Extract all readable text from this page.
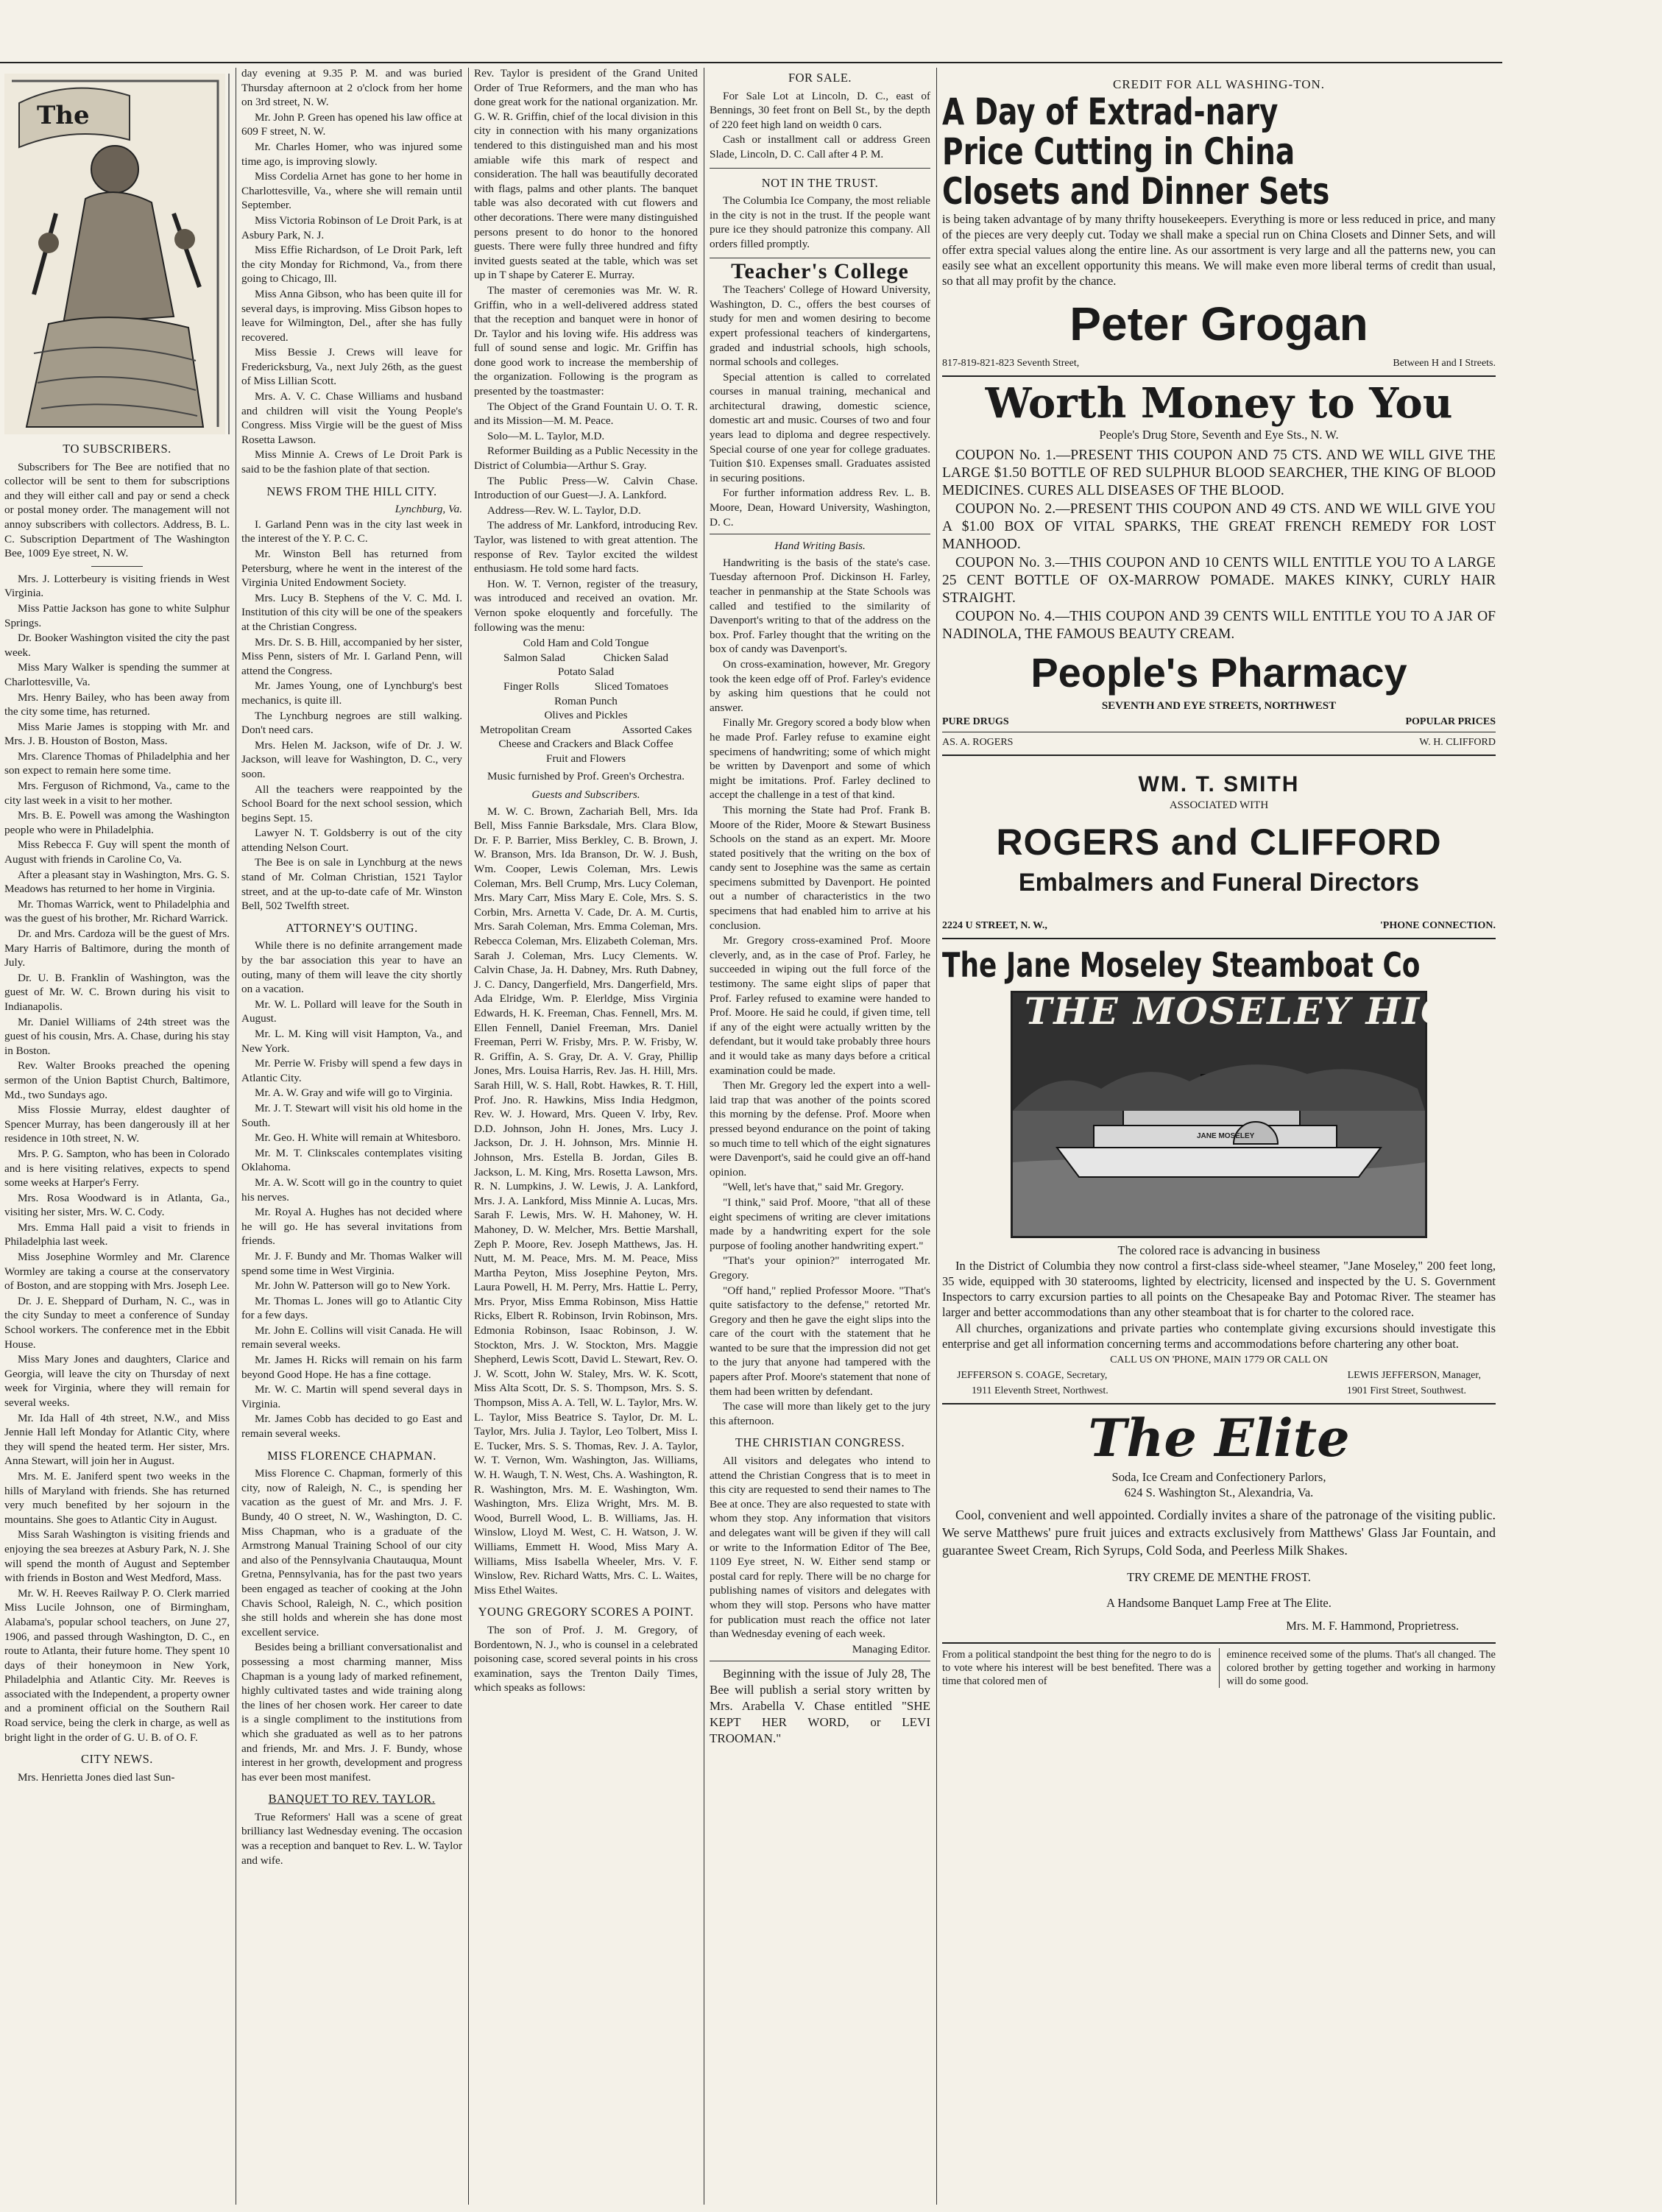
The
TO SUBSCRIBERS.

Subscribers for The Bee are notified that no collector will be sent to them for subscriptions and they will either call and pay or send a check or postal money order. The management will not annoy subscribers with collectors. Address, B. L. C. Subscription Department of The Washington Bee, 1009 Eye street, N. W.

Mrs. J. Lotterbeury is visiting friends in West Virginia.

Miss Pattie Jackson has gone to white Sulphur Springs.

Dr. Booker Washington visited the city the past week.

Miss Mary Walker is spending the summer at Charlottesville, Va.

Mrs. Henry Bailey, who has been away from the city some time, has returned.

Miss Marie James is stopping with Mr. and Mrs. J. B. Houston of Boston, Mass.

Mrs. Clarence Thomas of Philadelphia and her son expect to remain here some time.

Mrs. Ferguson of Richmond, Va., came to the city last week in a visit to her mother.

Mrs. B. E. Powell was among the Washington people who were in Philadelphia.

Miss Rebecca F. Guy will spent the month of August with friends in Caroline Co, Va.

After a pleasant stay in Washington, Mrs. G. S. Meadows has returned to her home in Virginia.

Mr. Thomas Warrick, went to Philadelphia and was the guest of his brother, Mr. Richard Warrick.

Dr. and Mrs. Cardoza will be the guest of Mrs. Mary Harris of Baltimore, during the month of July.

Dr. U. B. Franklin of Washington, was the guest of Mr. W. C. Brown during his visit to Indianapolis.

Mr. Daniel Williams of 24th street was the guest of his cousin, Mrs. A. Chase, during his stay in Boston.

Rev. Walter Brooks preached the opening sermon of the Union Baptist Church, Baltimore, Md., two Sundays ago.

Miss Flossie Murray, eldest daughter of Spencer Murray, has been dangerously ill at her residence in 10th street, N. W.

Mrs. P. G. Sampton, who has been in Colorado and is here visiting relatives, expects to spend some weeks at Harper's Ferry.

Mrs. Rosa Woodward is in Atlanta, Ga., visiting her sister, Mrs. W. C. Cody.

Mrs. Emma Hall paid a visit to friends in Philadelphia last week.

Miss Josephine Wormley and Mr. Clarence Wormley are taking a course at the conservatory of Boston, and are stopping with Mrs. Joseph Lee.

Dr. J. E. Sheppard of Durham, N. C., was in the city Sunday to meet a conference of Sunday School workers. The conference met in the Ebbit House.

Miss Mary Jones and daughters, Clarice and Georgia, will leave the city on Thursday of next week for Virginia, where they will remain for several weeks.

Mr. Ida Hall of 4th street, N.W., and Miss Jennie Hall left Monday for Atlantic City, where they will spend the heated term. Her sister, Mrs. Anna Stewart, will join her in August.

Mrs. M. E. Janiferd spent two weeks in the hills of Maryland with friends. She has returned very much benefited by her sojourn in the mountains. She goes to Atlantic City in August.

Miss Sarah Washington is visiting friends and enjoying the sea breezes at Asbury Park, N. J. She will spend the month of August and September with friends in Boston and West Medford, Mass.

Mr. W. H. Reeves Railway P. O. Clerk married Miss Lucile Johnson, one of Birmingham, Alabama's, popular school teachers, on June 27, 1906, and passed through Washington, D. C., en route to Atlanta, their future home. They spent 10 days of their honeymoon in New York, Philadelphia and Atlantic City. Mr. Reeves is associated with the Independent, a property owner and a prominent official on the Southern Rail Road service, being the clerk in charge, as well as bright light in the order of G. U. B. of O. F.

CITY NEWS.

Mrs. Henrietta Jones died last Sun-

day evening at 9.35 P. M. and was buried Thursday afternoon at 2 o'clock from her home on 3rd street, N. W.

Mr. John P. Green has opened his law office at 609 F street, N. W.

Mr. Charles Homer, who was injured some time ago, is improving slowly.

Miss Cordelia Arnet has gone to her home in Charlottesville, Va., where she will remain until September.

Miss Victoria Robinson of Le Droit Park, is at Asbury Park, N. J.

Miss Effie Richardson, of Le Droit Park, left the city Monday for Richmond, Va., from there going to Chicago, Ill.

Miss Anna Gibson, who has been quite ill for several days, is improving. Miss Gibson hopes to leave for Wilmington, Del., after she has fully recovered.

Miss Bessie J. Crews will leave for Fredericksburg, Va., next July 26th, as the guest of Miss Lillian Scott.

Mrs. A. V. C. Chase Williams and husband and children will visit the Young People's Congress. Miss Virgie will be the guest of Miss Rosetta Lawson.

Miss Minnie A. Crews of Le Droit Park is said to be the fashion plate of that section.

NEWS FROM THE HILL CITY.

Lynchburg, Va.

I. Garland Penn was in the city last week in the interest of the Y. P. C. C.

Mr. Winston Bell has returned from Petersburg, where he went in the interest of the Virginia United Endowment Society.

Mrs. Lucy B. Stephens of the V. C. Md. I. Institution of this city will be one of the speakers at the Christian Congress.

Mrs. Dr. S. B. Hill, accompanied by her sister, Miss Penn, sisters of Mr. I. Garland Penn, will attend the Congress.

Mr. James Young, one of Lynchburg's best mechanics, is quite ill.

The Lynchburg negroes are still walking. Don't need cars.

Mrs. Helen M. Jackson, wife of Dr. J. W. Jackson, will leave for Washington, D. C., very soon.

All the teachers were reappointed by the School Board for the next school session, which begins Sept. 15.

Lawyer N. T. Goldsberry is out of the city attending Nelson Court.

The Bee is on sale in Lynchburg at the news stand of Mr. Colman Christian, 1521 Taylor street, and at the up-to-date cafe of Mr. Winston Bell, 502 Twelfth street.

ATTORNEY'S OUTING.

While there is no definite arrangement made by the bar association this year to have an outing, many of them will leave the city shortly on a vacation.

Mr. W. L. Pollard will leave for the South in August.

Mr. L. M. King will visit Hampton, Va., and New York.

Mr. Perrie W. Frisby will spend a few days in Atlantic City.

Mr. A. W. Gray and wife will go to Virginia.

Mr. J. T. Stewart will visit his old home in the South.

Mr. Geo. H. White will remain at Whitesboro.

Mr. M. T. Clinkscales contemplates visiting Oklahoma.

Mr. A. W. Scott will go in the country to quiet his nerves.

Mr. Royal A. Hughes has not decided where he will go. He has several invitations from friends.

Mr. J. F. Bundy and Mr. Thomas Walker will spend some time in West Virginia.

Mr. John W. Patterson will go to New York.

Mr. Thomas L. Jones will go to Atlantic City for a few days.

Mr. John E. Collins will visit Canada. He will remain several weeks.

Mr. James H. Ricks will remain on his farm beyond Good Hope. He has a fine cottage.

Mr. W. C. Martin will spend several days in Virginia.

Mr. James Cobb has decided to go East and remain several weeks.

MISS FLORENCE CHAPMAN.

Miss Florence C. Chapman, formerly of this city, now of Raleigh, N. C., is spending her vacation as the guest of Mr. and Mrs. J. F. Bundy, 40 O street, N. W., Washington, D. C. Miss Chapman, who is a graduate of the Armstrong Manual Training School of our city and also of the Pennsylvania Chautauqua, Mount Gretna, Pennsylvania, has for the past two years been engaged as teacher of cooking at the John Chavis School, Raleigh, N. C., which position she still holds and wherein she has done most excellent service.

Besides being a brilliant conversationalist and possessing a most charming manner, Miss Chapman is a young lady of marked refinement, highly cultivated tastes and wide training along the lines of her chosen work. Her career to date is a single compliment to the institutions from which she graduated as well as to her patrons and friends, Mr. and Mrs. J. F. Bundy, whose interest in her growth, development and progress has ever been most manifest.

BANQUET TO REV. TAYLOR.

True Reformers' Hall was a scene of great brilliancy last Wednesday evening. The occasion was a reception and banquet to Rev. L. W. Taylor and wife.

Rev. Taylor is president of the Grand United Order of True Reformers, and the man who has done great work for the national organization. Mr. G. W. R. Griffin, chief of the local division in this city in connection with his many organizations tendered to this distinguished man and his most amiable wife this mark of respect and consideration. The hall was beautifully decorated with flags, palms and other plants. The banquet table was also decorated with cut flowers and other decorations. There were many distinguished persons present to do honor to the honored guests. There were fully three hundred and fifty invited guests seated at the table, which was set up in T shape by Caterer E. Murray.

The master of ceremonies was Mr. W. R. Griffin, who in a well-delivered address stated that the reception and banquet were in honor of Dr. Taylor and his loving wife. His address was full of sound sense and logic. Mr. Griffin has done good work to increase the membership of the organization. Following is the program as presented by the toastmaster:

The Object of the Grand Fountain U. O. T. R. and its Mission—M. M. Peace.

Solo—M. L. Taylor, M.D.

Reformer Building as a Public Necessity in the District of Columbia—Arthur S. Gray.

The Public Press—W. Calvin Chase. Introduction of our Guest—J. A. Lankford.

Address—Rev. W. L. Taylor, D.D.

The address of Mr. Lankford, introducing Rev. Taylor, was listened to with great attention. The response of Rev. Taylor excited the wildest enthusiasm. He told some hard facts.

Hon. W. T. Vernon, register of the treasury, was introduced and received an ovation. Mr. Vernon spoke eloquently and forcefully. The following was the menu:

Cold Ham and Cold Tongue
Salmon Salad	Chicken Salad
Potato Salad
Finger Rolls	Sliced Tomatoes
Roman Punch
Olives and Pickles
Metropolitan Cream	Assorted Cakes
Cheese and Crackers and Black Coffee
Fruit and Flowers

Music furnished by Prof. Green's Orchestra.

Guests and Subscribers.

M. W. C. Brown, Zachariah Bell, Mrs. Ida Bell, Miss Fannie Barksdale, Mrs. Clara Blow, Dr. F. P. Barrier, Miss Berkley, C. B. Brown, J. W. Branson, Mrs. Ida Branson, Dr. W. J. Bush, Wm. Cooper, Lewis Coleman, Mrs. Lewis Coleman, Mrs. Bell Crump, Mrs. Lucy Coleman, Mrs. Mary Carr, Miss Mary E. Cole, Mrs. S. S. Corbin, Mrs. Arnetta V. Cade, Dr. A. M. Curtis, Mrs. Sarah Coleman, Mrs. Emma Coleman, Mrs. Rebecca Coleman, Mrs. Elizabeth Coleman, Mrs. Sarah J. Coleman, Mrs. Lucy Clements. W. Calvin Chase, Ja. H. Dabney, Mrs. Ruth Dabney, J. C. Dancy, Dangerfield, Mrs. Dangerfield, Mrs. Ada Elridge, Wm. P. Elerldge, Miss Virginia Edwards, H. K. Freeman, Chas. Fennell, Mrs. M. Ellen Fennell, Daniel Freeman, Mrs. Daniel Freeman, Perri W. Frisby, Mrs. P. W. Frisby, W. R. Griffin, A. S. Gray, Dr. A. V. Gray, Phillip Jones, Mrs. Louisa Harris, Rev. Jas. H. Hill, Mrs. Sarah Hill, W. S. Hall, Robt. Hawkes, R. T. Hill, Prof. Jno. R. Hawkins, Miss India Hedgmon, Rev. W. J. Howard, Mrs. Queen V. Irby, Rev. D.D. Johnson, John H. Jones, Mrs. Lucy J. Jackson, Dr. J. H. Johnson, Mrs. Minnie H. Johnson, Mrs. Estella B. Jordan, Giles B. Jackson, L. M. King, Mrs. Rosetta Lawson, Mrs. R. N. Lumpkins, J. W. Lewis, J. A. Lankford, Mrs. J. A. Lankford, Miss Minnie A. Lucas, Mrs. Sarah F. Lewis, Mrs. W. H. Mahoney, W. H. Mahoney, D. W. Melcher, Mrs. Bettie Marshall, Zeph P. Moore, Rev. Joseph Matthews, Jas. H. Nutt, M. M. Peace, Mrs. M. M. Peace, Miss Martha Peyton, Miss Josephine Peyton, Mrs. Laura Powell, H. M. Perry, Mrs. Hattie L. Perry, Mrs. Pryor, Miss Emma Robinson, Miss Hattie Ricks, Elbert R. Robinson, Irvin Robinson, Mrs. Edmonia Robinson, Isaac Robinson, J. W. Stockton, Mrs. J. W. Stockton, Mrs. Maggie Shepherd, Lewis Scott, David L. Stewart, Rev. O. J. W. Scott, John W. Staley, Mrs. W. K. Scott, Miss Alta Scott, Dr. S. S. Thompson, Mrs. S. S. Thompson, Miss A. A. Tell, W. L. Taylor, Mrs. W. L. Taylor, Miss Beatrice S. Taylor, Dr. M. L. Taylor, Mrs. Julia J. Taylor, Leo Tolbert, Miss I. E. Tucker, Mrs. S. S. Thomas, Rev. J. A. Taylor, W. T. Vernon, Wm. Washington, Jas. Williams, W. H. Waugh, T. N. West, Chs. A. Washington, R. R. Washington, Mrs. M. E. Washington, Wm. Washington, Mrs. Eliza Wright, Mrs. M. B. Wood, Burrell Wood, L. B. Williams, Jas. H. Winslow, Lloyd M. West, C. H. Watson, J. W. Williams, Emmett H. Wood, Miss Mary A. Williams, Miss Isabella Wheeler, Mrs. V. F. Winslow, Rev. Richard Watts, Mrs. C. L. Waites, Miss Ethel Waites.

YOUNG GREGORY SCORES A POINT.

The son of Prof. J. M. Gregory, of Bordentown, N. J., who is counsel in a celebrated poisoning case, scored several points in his cross examination, says the Trenton Daily Times, which speaks as follows:

FOR SALE.

For Sale Lot at Lincoln, D. C., east of Bennings, 30 feet front on Bell St., by the depth of 220 feet high land on weidth 0 cars.

Cash or installment call or address Green Slade, Lincoln, D. C. Call after 4 P. M.

NOT IN THE TRUST.

The Columbia Ice Company, the most reliable in the city is not in the trust. If the people want pure ice they should patronize this company. All orders filled promptly.

Teacher's College

The Teachers' College of Howard University, Washington, D. C., offers the best courses of study for men and women desiring to become expert professional teachers of kindergartens, graded and industrial schools, high schools, normal schools and colleges.

Special attention is called to correlated courses in manual training, mechanical and architectural drawing, domestic science, domestic art and music. Courses of two and four years lead to diploma and degree respectively. Special course of one year for college graduates. Tuition $10. Expenses small. Graduates assisted in securing positions.

For further information address Rev. L. B. Moore, Dean, Howard University, Washington, D. C.

Hand Writing Basis.

Handwriting is the basis of the state's case. Tuesday afternoon Prof. Dickinson H. Farley, teacher in penmanship at the State Schools was called and testified to the similarity of Davenport's writing to that of the address on the box. Prof. Farley thought that the writing on the box of candy was Davenport's.

On cross-examination, however, Mr. Gregory took the keen edge off of Prof. Farley's evidence by asking him questions that he could not answer.

Finally Mr. Gregory scored a body blow when he made Prof. Farley refuse to examine eight specimens of handwriting; some of which might be written by Davenport and some of which might be imitations. Prof. Farley declined to accept the challenge in a test of that kind.

This morning the State had Prof. Frank B. Moore of the Rider, Moore & Stewart Business Schools on the stand as an expert. Mr. Moore stated positively that the writing on the box of candy sent to Josephine was the same as certain specimens submitted by Davenport. He pointed out a number of characteristics in the two specimens that had enabled him to arrive at his conclusion.

Mr. Gregory cross-examined Prof. Moore cleverly, and, as in the case of Prof. Farley, he succeeded in wiping out the full force of the testimony. The same eight slips of paper that Prof. Farley refused to examine were handed to Prof. Moore. He said he could, if given time, tell if any of the eight were actually written by the defendant, but it would take probably three hours and it would take as many days before a critical examination could be made.

Then Mr. Gregory led the expert into a well-laid trap that was another of the points scored this morning by the defense. Prof. Moore when pressed beyond endurance on the point of taking so much time to tell which of the eight signatures were Davenport's, said he could give an off-hand opinion.

"Well, let's have that," said Mr. Gregory.

"I think," said Prof. Moore, "that all of these eight specimens of writing are clever imitations made by a handwriting expert for the sole purpose of fooling another handwriting expert."

"That's your opinion?" interrogated Mr. Gregory.

"Off hand," replied Professor Moore. "That's quite satisfactory to the defense," retorted Mr. Gregory and then he gave the eight slips into the care of the court with the statement that he wanted to be sure that the impression did not get to the jury that anyone had tampered with the papers after Prof. Moore's statement that none of them had been written by defendant.

The case will more than likely get to the jury this afternoon.

THE CHRISTIAN CONGRESS.

All visitors and delegates who intend to attend the Christian Congress that is to meet in this city are requested to send their names to The Bee at once. They are also requested to state with whom they stop. Any information that visitors and delegates want will be given if they will call or write to the Information Editor of The Bee, 1109 Eye street, N. W. Either send stamp or postal card for reply. There will be no charge for publishing names of visitors and delegates with whom they will stop. Persons who have matter for publication must reach the office not later than Wednesday evening of each week.

Managing Editor.

Beginning with the issue of July 28, The Bee will publish a serial story written by Mrs. Arabella V. Chase entitled "SHE KEPT HER WORD, or LEVI TROOMAN."

CREDIT FOR ALL WASHING-TON.
A Day of Extrad-nary
Price Cutting in China
Closets and Dinner Sets

is being taken advantage of by many thrifty housekeepers. Everything is more or less reduced in price, and many of the pieces are very deeply cut. Today we shall make a special run on China Closets and Dinner Sets, and will offer extra special values along the entire line. As our assortment is very large and all the patterns new, you can easily see what an excellent opportunity this means. We will make even more liberal terms of credit than usual, so that all may profit by the chance.

Peter Grogan
817-819-821-823 Seventh Street,	Between H and I Streets.
Worth Money to You
People's Drug Store, Seventh and Eye Sts., N. W.

COUPON No. 1.—PRESENT THIS COUPON AND 75 CTS. AND WE WILL GIVE THE LARGE $1.50 BOTTLE OF RED SULPHUR BLOOD SEARCHER, THE KING OF BLOOD MEDICINES. CURES ALL DISEASES OF THE BLOOD.

COUPON No. 2.—PRESENT THIS COUPON AND 49 CTS. AND WE WILL GIVE YOU A $1.00 BOX OF VITAL SPARKS, THE GREAT FRENCH REMEDY FOR LOST MANHOOD.

COUPON No. 3.—THIS COUPON AND 10 CENTS WILL ENTITLE YOU TO A LARGE 25 CENT BOTTLE OF OX-MARROW POMADE. MAKES KINKY, CURLY HAIR STRAIGHT.

COUPON No. 4.—THIS COUPON AND 39 CENTS WILL ENTITLE YOU TO A JAR OF NADINOLA, THE FAMOUS BEAUTY CREAM.

People's Pharmacy
SEVENTH AND EYE STREETS, NORTHWEST
PURE DRUGS	POPULAR PRICES
AS. A. ROGERS	W. H. CLIFFORD
WM. T. SMITH
ASSOCIATED WITH
ROGERS and CLIFFORD
Embalmers and Funeral Directors
2224 U STREET, N. W.,	'PHONE CONNECTION.
The Jane Moseley Steamboat Co
THE MOSELEY HIGH GRADE
JANE MOSELEY
The colored race is advancing in business

In the District of Columbia they now control a first-class side-wheel steamer, "Jane Moseley," 200 feet long, 35 wide, equipped with 30 staterooms, lighted by electricity, licensed and inspected by the U. S. Government Inspectors to carry excursion parties to all points on the Chesapeake Bay and Potomac River. The steamer has larger and better accommodations than any other steamboat that is for charter to the colored race.

All churches, organizations and private parties who contemplate giving excursions should investigate this enterprise and get all information concerning terms and accommodations before chartering any other boat.

CALL US ON 'PHONE, MAIN 1779 OR CALL ON
JEFFERSON S. COAGE, Secretary,	LEWIS JEFFERSON, Manager,
1911 Eleventh Street, Northwest.	1901 First Street, Southwest.
The Elite
Soda, Ice Cream and Confectionery Parlors,
624 S. Washington St., Alexandria, Va.

Cool, convenient and well appointed. Cordially invites a share of the patronage of the visiting public. We serve Matthews' pure fruit juices and extracts exclusively from Matthews' Glass Jar Fountain, and guarantee Sweet Cream, Rich Syrups, Cold Soda, and Peerless Milk Shakes.

TRY CREME DE MENTHE FROST.
A Handsome Banquet Lamp Free at The Elite.
Mrs. M. F. Hammond, Proprietress.

From a political standpoint the best thing for the negro to do is to vote where his interest will be best benefited. There was a time that colored men of

eminence received some of the plums. That's all changed. The colored brother by getting together and working in harmony will do some good.
